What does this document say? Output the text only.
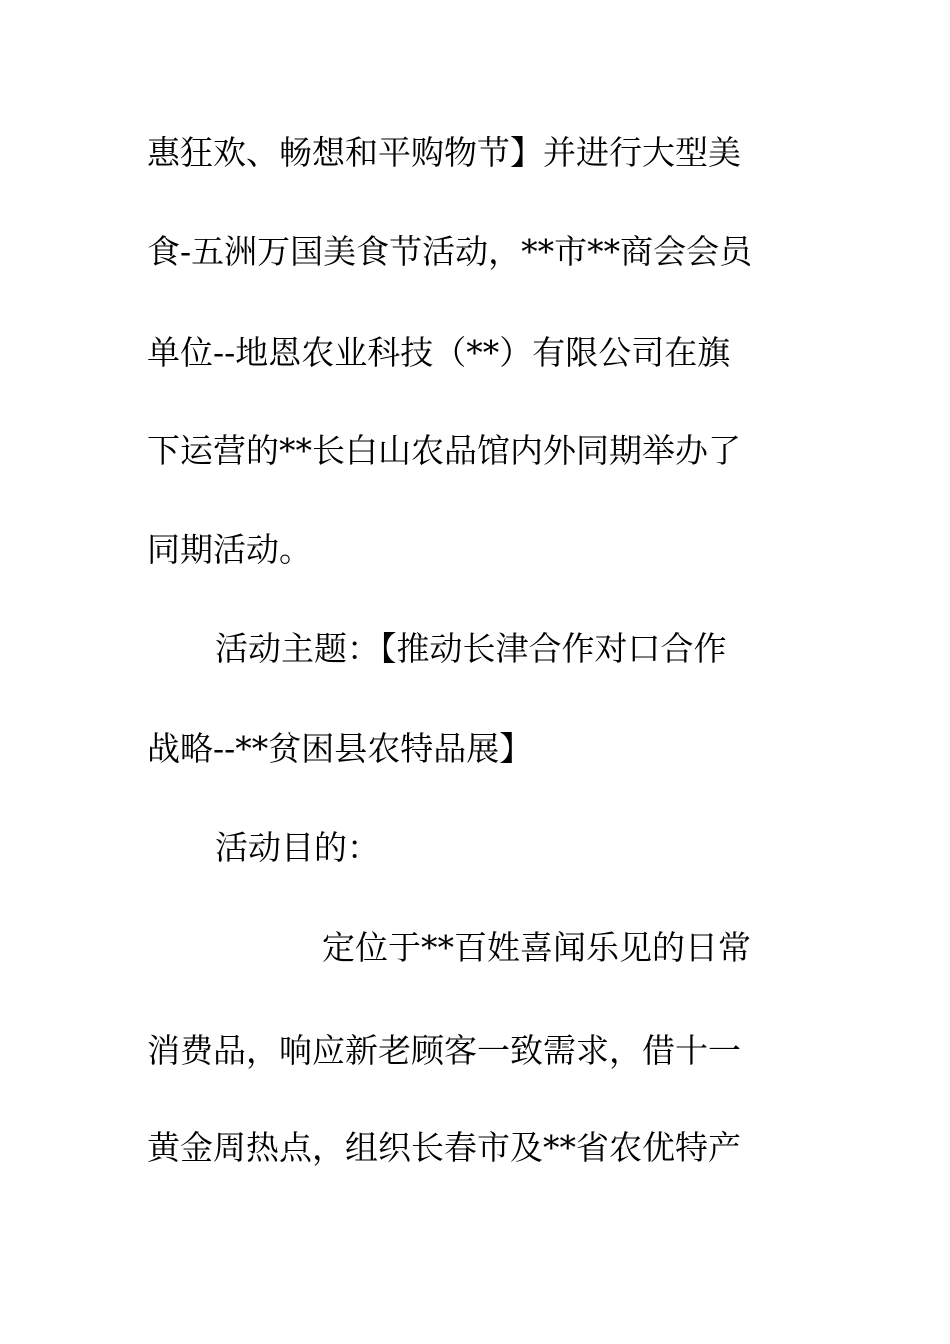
惠狂欢、畅想和平购物节】并进行大型美
食-五洲万国美食节活动，**市**商会会员
单位--地恩农业科技（**）有限公司在旗
下运营的**长白山农品馆内外同期举办了
同期活动。
活动主题：【推动长津合作对口合作
战略--**贫困县农特品展】
活动目的：
定位于**百姓喜闻乐见的日常
消费品，响应新老顾客一致需求，借十一
黄金周热点，组织长春市及**省农优特产
